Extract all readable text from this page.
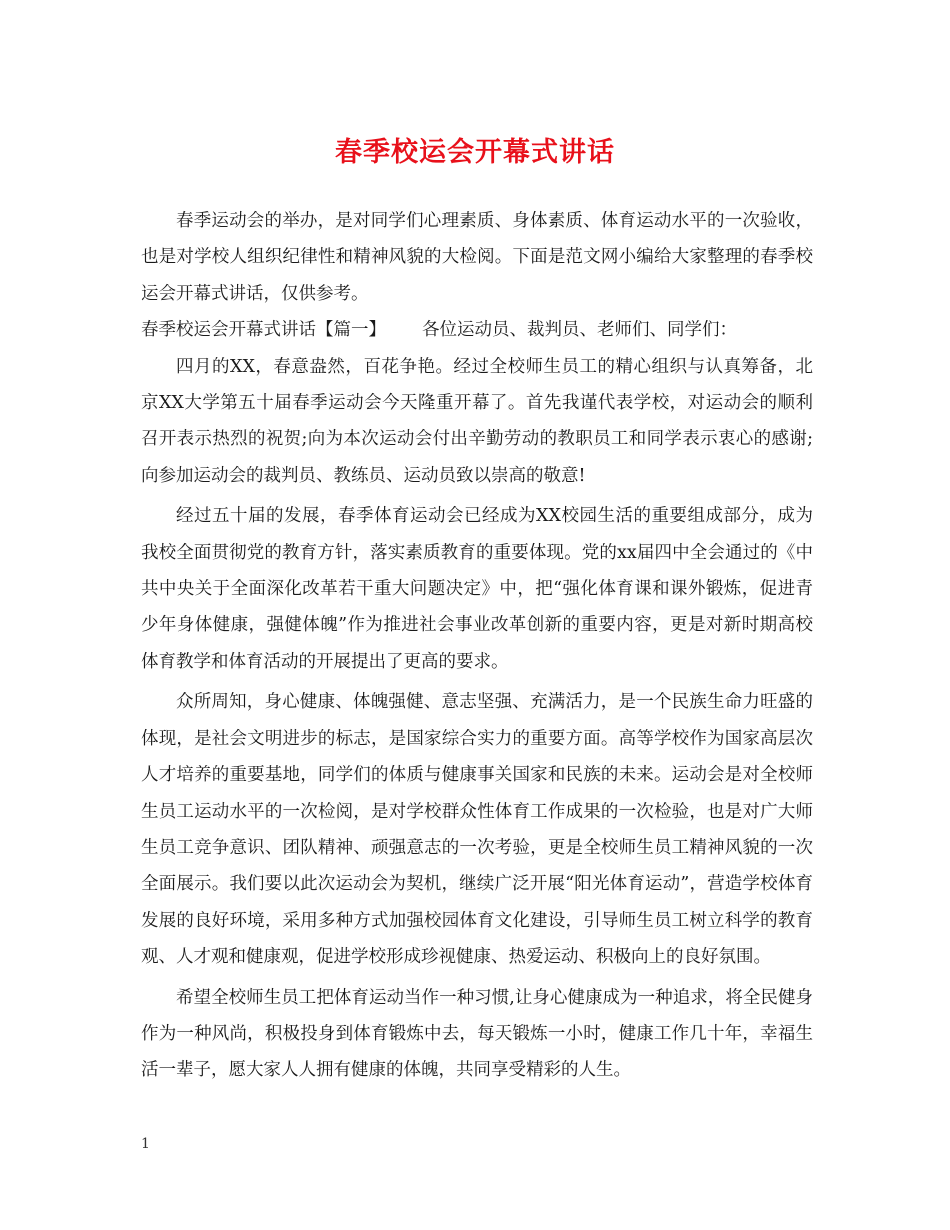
春季校运会开幕式讲话

春季运动会的举办，是对同学们心理素质、身体素质、体育运动水平的一次验收，也是对学校人组织纪律性和精神风貌的大检阅。下面是范文网小编给大家整理的春季校运会开幕式讲话，仅供参考。

春季校运会开幕式讲话【篇一】 各位运动员、裁判员、老师们、同学们：

四月的XX，春意盎然，百花争艳。经过全校师生员工的精心组织与认真筹备，北京XX大学第五十届春季运动会今天隆重开幕了。首先我谨代表学校，对运动会的顺利召开表示热烈的祝贺;向为本次运动会付出辛勤劳动的教职员工和同学表示衷心的感谢;向参加运动会的裁判员、教练员、运动员致以崇高的敬意!

经过五十届的发展，春季体育运动会已经成为XX校园生活的重要组成部分，成为我校全面贯彻党的教育方针，落实素质教育的重要体现。党的xx届四中全会通过的《中共中央关于全面深化改革若干重大问题决定》中，把“强化体育课和课外锻炼，促进青少年身体健康，强健体魄”作为推进社会事业改革创新的重要内容，更是对新时期高校体育教学和体育活动的开展提出了更高的要求。

众所周知，身心健康、体魄强健、意志坚强、充满活力，是一个民族生命力旺盛的体现，是社会文明进步的标志，是国家综合实力的重要方面。高等学校作为国家高层次人才培养的重要基地，同学们的体质与健康事关国家和民族的未来。运动会是对全校师生员工运动水平的一次检阅，是对学校群众性体育工作成果的一次检验，也是对广大师生员工竞争意识、团队精神、顽强意志的一次考验，更是全校师生员工精神风貌的一次全面展示。我们要以此次运动会为契机，继续广泛开展“阳光体育运动”，营造学校体育发展的良好环境，采用多种方式加强校园体育文化建设，引导师生员工树立科学的教育观、人才观和健康观，促进学校形成珍视健康、热爱运动、积极向上的良好氛围。

希望全校师生员工把体育运动当作一种习惯,让身心健康成为一种追求，将全民健身作为一种风尚，积极投身到体育锻炼中去，每天锻炼一小时，健康工作几十年，幸福生活一辈子，愿大家人人拥有健康的体魄，共同享受精彩的人生。

1
